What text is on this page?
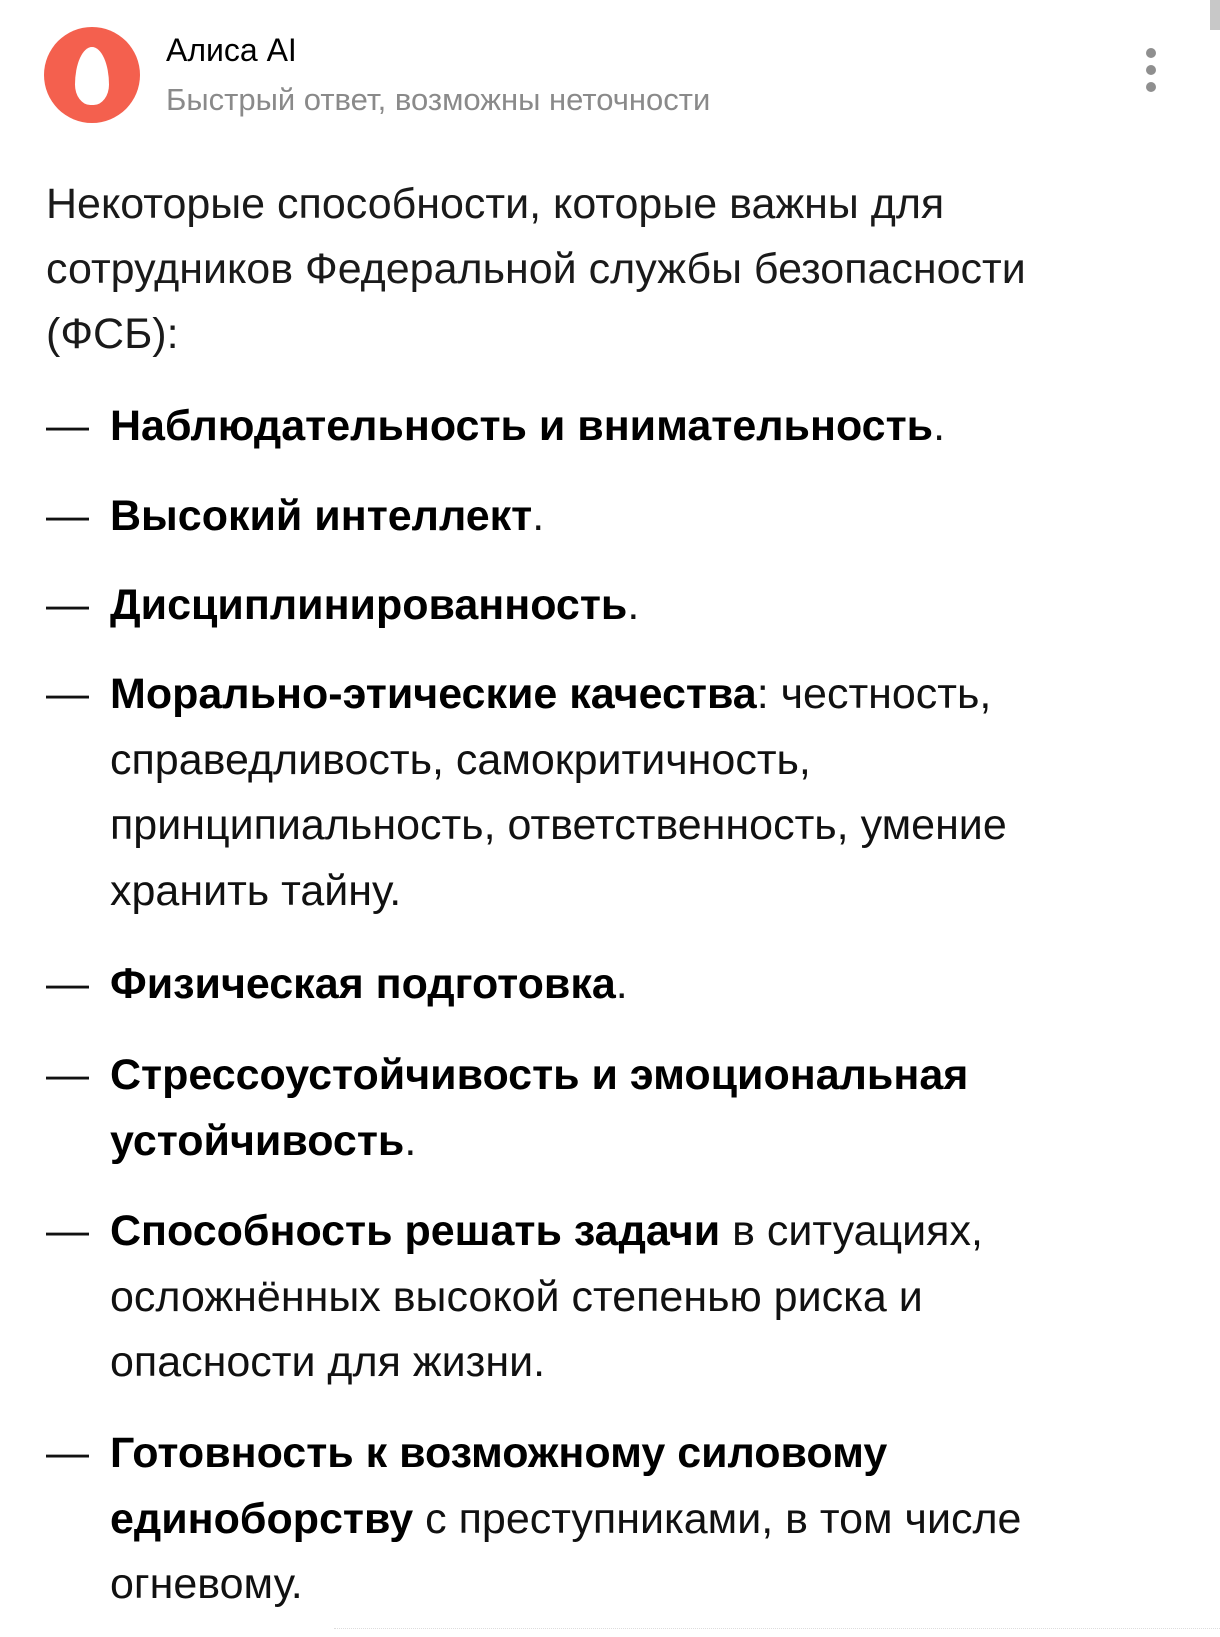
Алиса AI
Быстрый ответ, возможны неточности
Некоторые способности, которые важны для
сотрудников Федеральной службы безопасности
(ФСБ):
— Наблюдательность и внимательность.
— Высокий интеллект.
— Дисциплинированность.
— Морально-этические качества: честность,
справедливость, самокритичность,
принципиальность, ответственность, умение
хранить тайну.
— Физическая подготовка.
— Стрессоустойчивость и эмоциональная
устойчивость.
— Способность решать задачи в ситуациях,
осложнённых высокой степенью риска и
опасности для жизни.
— Готовность к возможному силовому
единоборству с преступниками, в том числе
огневому.
